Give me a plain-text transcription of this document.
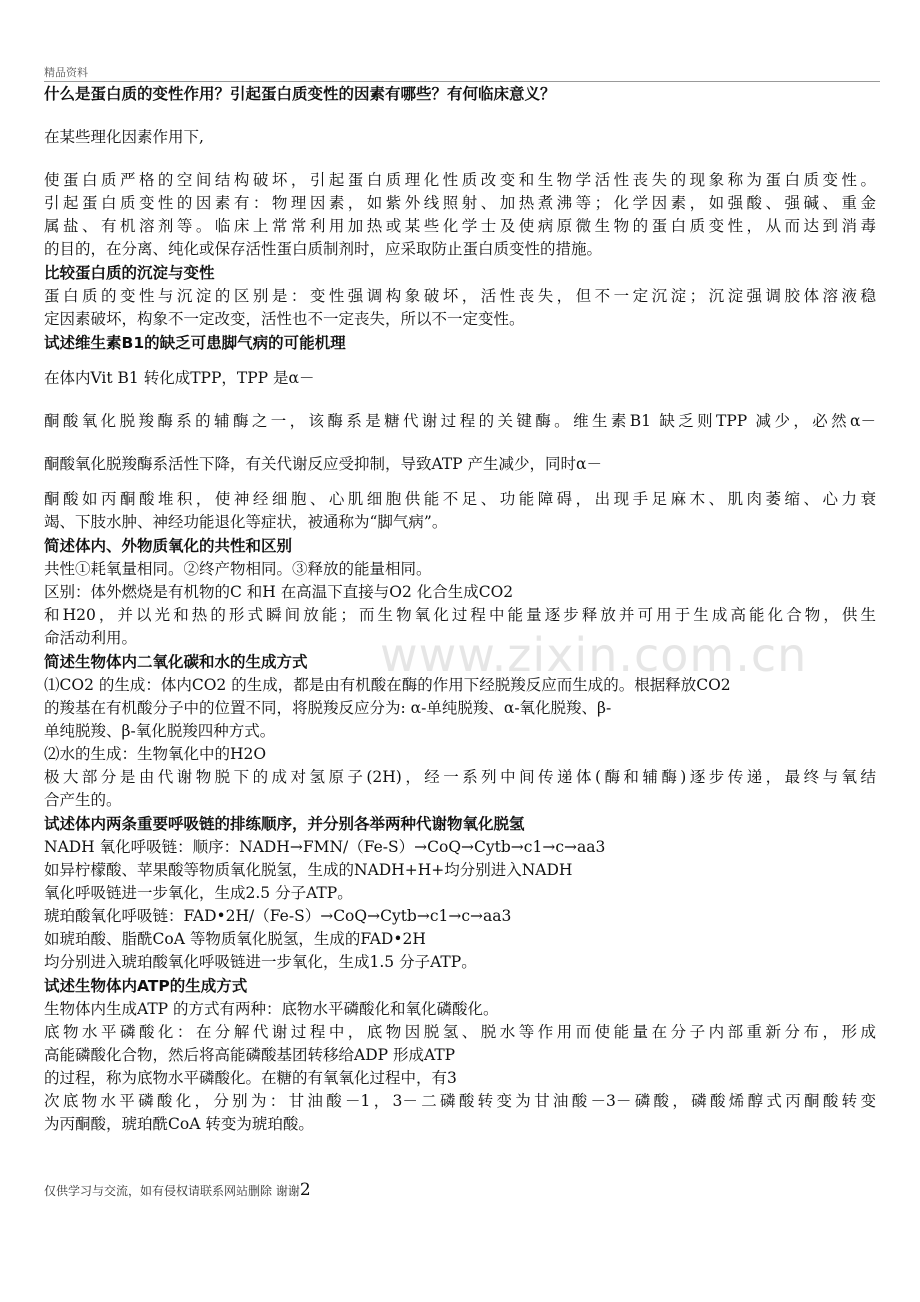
精品资料
www.zixin.com.cn
什么是蛋白质的变性作用？引起蛋白质变性的因素有哪些？有何临床意义？
在某些理化因素作用下,
使蛋白质严格的空间结构破坏，引起蛋白质理化性质改变和生物学活性丧失的现象称为蛋白质变性。
引起蛋白质变性的因素有：物理因素，如紫外线照射、加热煮沸等；化学因素，如强酸、强碱、重金
属盐、有机溶剂等。临床上常常利用加热或某些化学士及使病原微生物的蛋白质变性，从而达到消毒
的目的，在分离、纯化或保存活性蛋白质制剂时，应采取防止蛋白质变性的措施。
比较蛋白质的沉淀与变性
蛋白质的变性与沉淀的区别是：变性强调构象破坏，活性丧失，但不一定沉淀；沉淀强调胶体溶液稳
定因素破坏，构象不一定改变，活性也不一定丧失，所以不一定变性。
试述维生素B1的缺乏可患脚气病的可能机理
在体内Vit B1 转化成TPP，TPP 是α－
酮酸氧化脱羧酶系的辅酶之一，该酶系是糖代谢过程的关键酶。维生素B1 缺乏则TPP 减少，必然α－
酮酸氧化脱羧酶系活性下降，有关代谢反应受抑制，导致ATP 产生减少，同时α－
酮酸如丙酮酸堆积，使神经细胞、心肌细胞供能不足、功能障碍，出现手足麻木、肌肉萎缩、心力衰
竭、下肢水肿、神经功能退化等症状，被通称为“脚气病”。
简述体内、外物质氧化的共性和区别
共性①耗氧量相同。②终产物相同。③释放的能量相同。
区别：体外燃烧是有机物的C 和H 在高温下直接与O2 化合生成CO2
和H20，并以光和热的形式瞬间放能；而生物氧化过程中能量逐步释放并可用于生成高能化合物，供生
命活动利用。
简述生物体内二氧化碳和水的生成方式
⑴CO2 的生成：体内CO2 的生成，都是由有机酸在酶的作用下经脱羧反应而生成的。根据释放CO2
的羧基在有机酸分子中的位置不同，将脱羧反应分为: α-单纯脱羧、α-氧化脱羧、β-
单纯脱羧、β-氧化脱羧四种方式。
⑵水的生成：生物氧化中的H2O
极大部分是由代谢物脱下的成对氢原子(2H)，经一系列中间传递体(酶和辅酶)逐步传递，最终与氧结
合产生的。
试述体内两条重要呼吸链的排练顺序，并分别各举两种代谢物氧化脱氢
NADH 氧化呼吸链：顺序：NADH→FMN/（Fe-S）→CoQ→Cytb→c1→c→aa3
如异柠檬酸、苹果酸等物质氧化脱氢，生成的NADH+H+均分别进入NADH
氧化呼吸链进一步氧化，生成2.5 分子ATP。
琥珀酸氧化呼吸链：FAD•2H/（Fe-S）→CoQ→Cytb→c1→c→aa3
如琥珀酸、脂酰CoA 等物质氧化脱氢，生成的FAD•2H
均分别进入琥珀酸氧化呼吸链进一步氧化，生成1.5 分子ATP。
试述生物体内ATP的生成方式
生物体内生成ATP 的方式有两种：底物水平磷酸化和氧化磷酸化。
底物水平磷酸化：在分解代谢过程中，底物因脱氢、脱水等作用而使能量在分子内部重新分布，形成
高能磷酸化合物，然后将高能磷酸基团转移给ADP 形成ATP
的过程，称为底物水平磷酸化。在糖的有氧氧化过程中，有3
次底物水平磷酸化，分别为：甘油酸－1，3－二磷酸转变为甘油酸－3－磷酸，磷酸烯醇式丙酮酸转变
为丙酮酸，琥珀酰CoA 转变为琥珀酸。
仅供学习与交流，如有侵权请联系网站删除 谢谢2
